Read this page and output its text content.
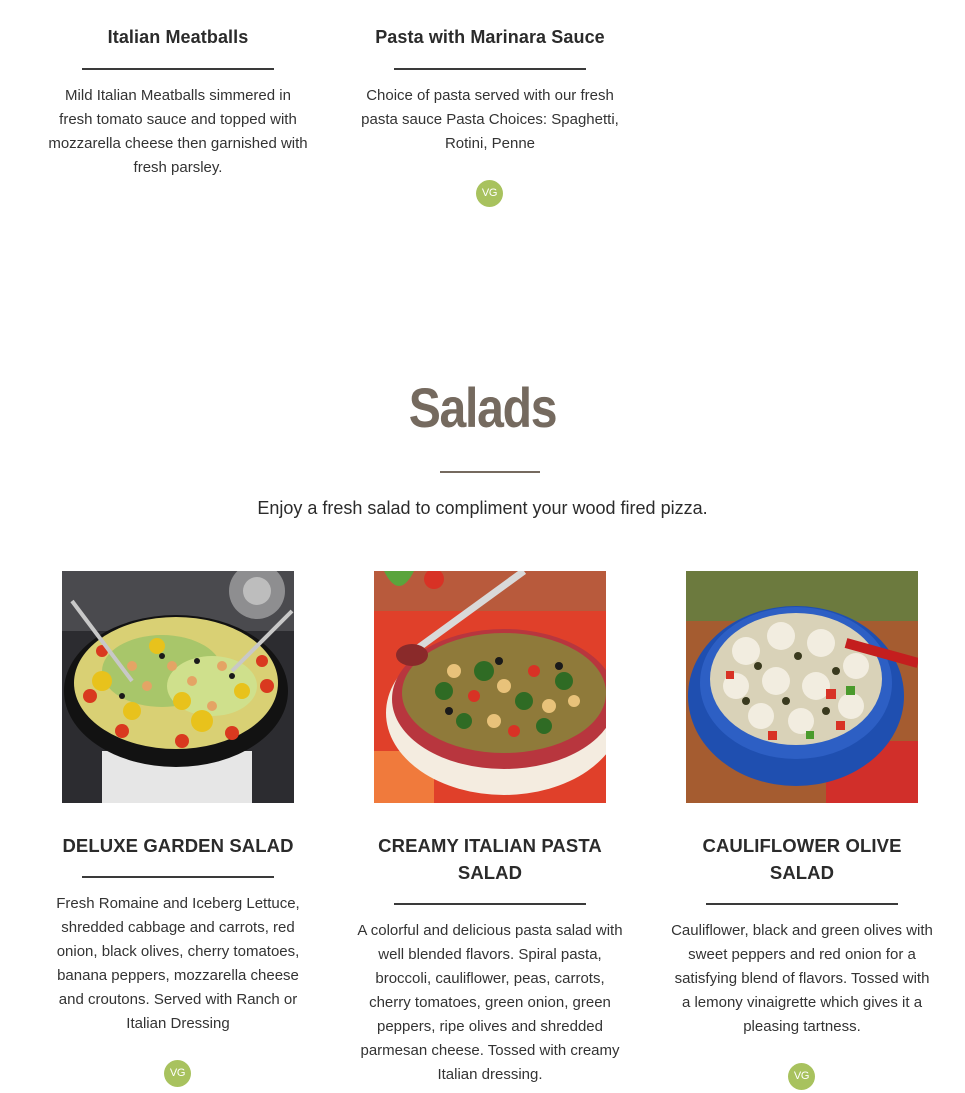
Italian Meatballs

Mild Italian Meatballs simmered in fresh tomato sauce and topped with mozzarella cheese then garnished with fresh parsley.

Pasta with Marinara Sauce

Choice of pasta served with our fresh pasta sauce Pasta Choices: Spaghetti, Rotini, Penne

VG
Salads
Enjoy a fresh salad to compliment your wood fired pizza.
DELUXE GARDEN SALAD

Fresh Romaine and Iceberg Lettuce, shredded cabbage and carrots, red onion, black olives, cherry tomatoes, banana peppers, mozzarella cheese and croutons. Served with Ranch or Italian Dressing

VG
CREAMY ITALIAN PASTA SALAD

A colorful and delicious pasta salad with well blended flavors. Spiral pasta, broccoli, cauliflower, peas, carrots, cherry tomatoes, green onion, green peppers, ripe olives and shredded parmesan cheese. Tossed with creamy Italian dressing.

CAULIFLOWER OLIVE SALAD

Cauliflower, black and green olives with sweet peppers and red onion for a satisfying blend of flavors. Tossed with a lemony vinaigrette which gives it a pleasing tartness.

VG
